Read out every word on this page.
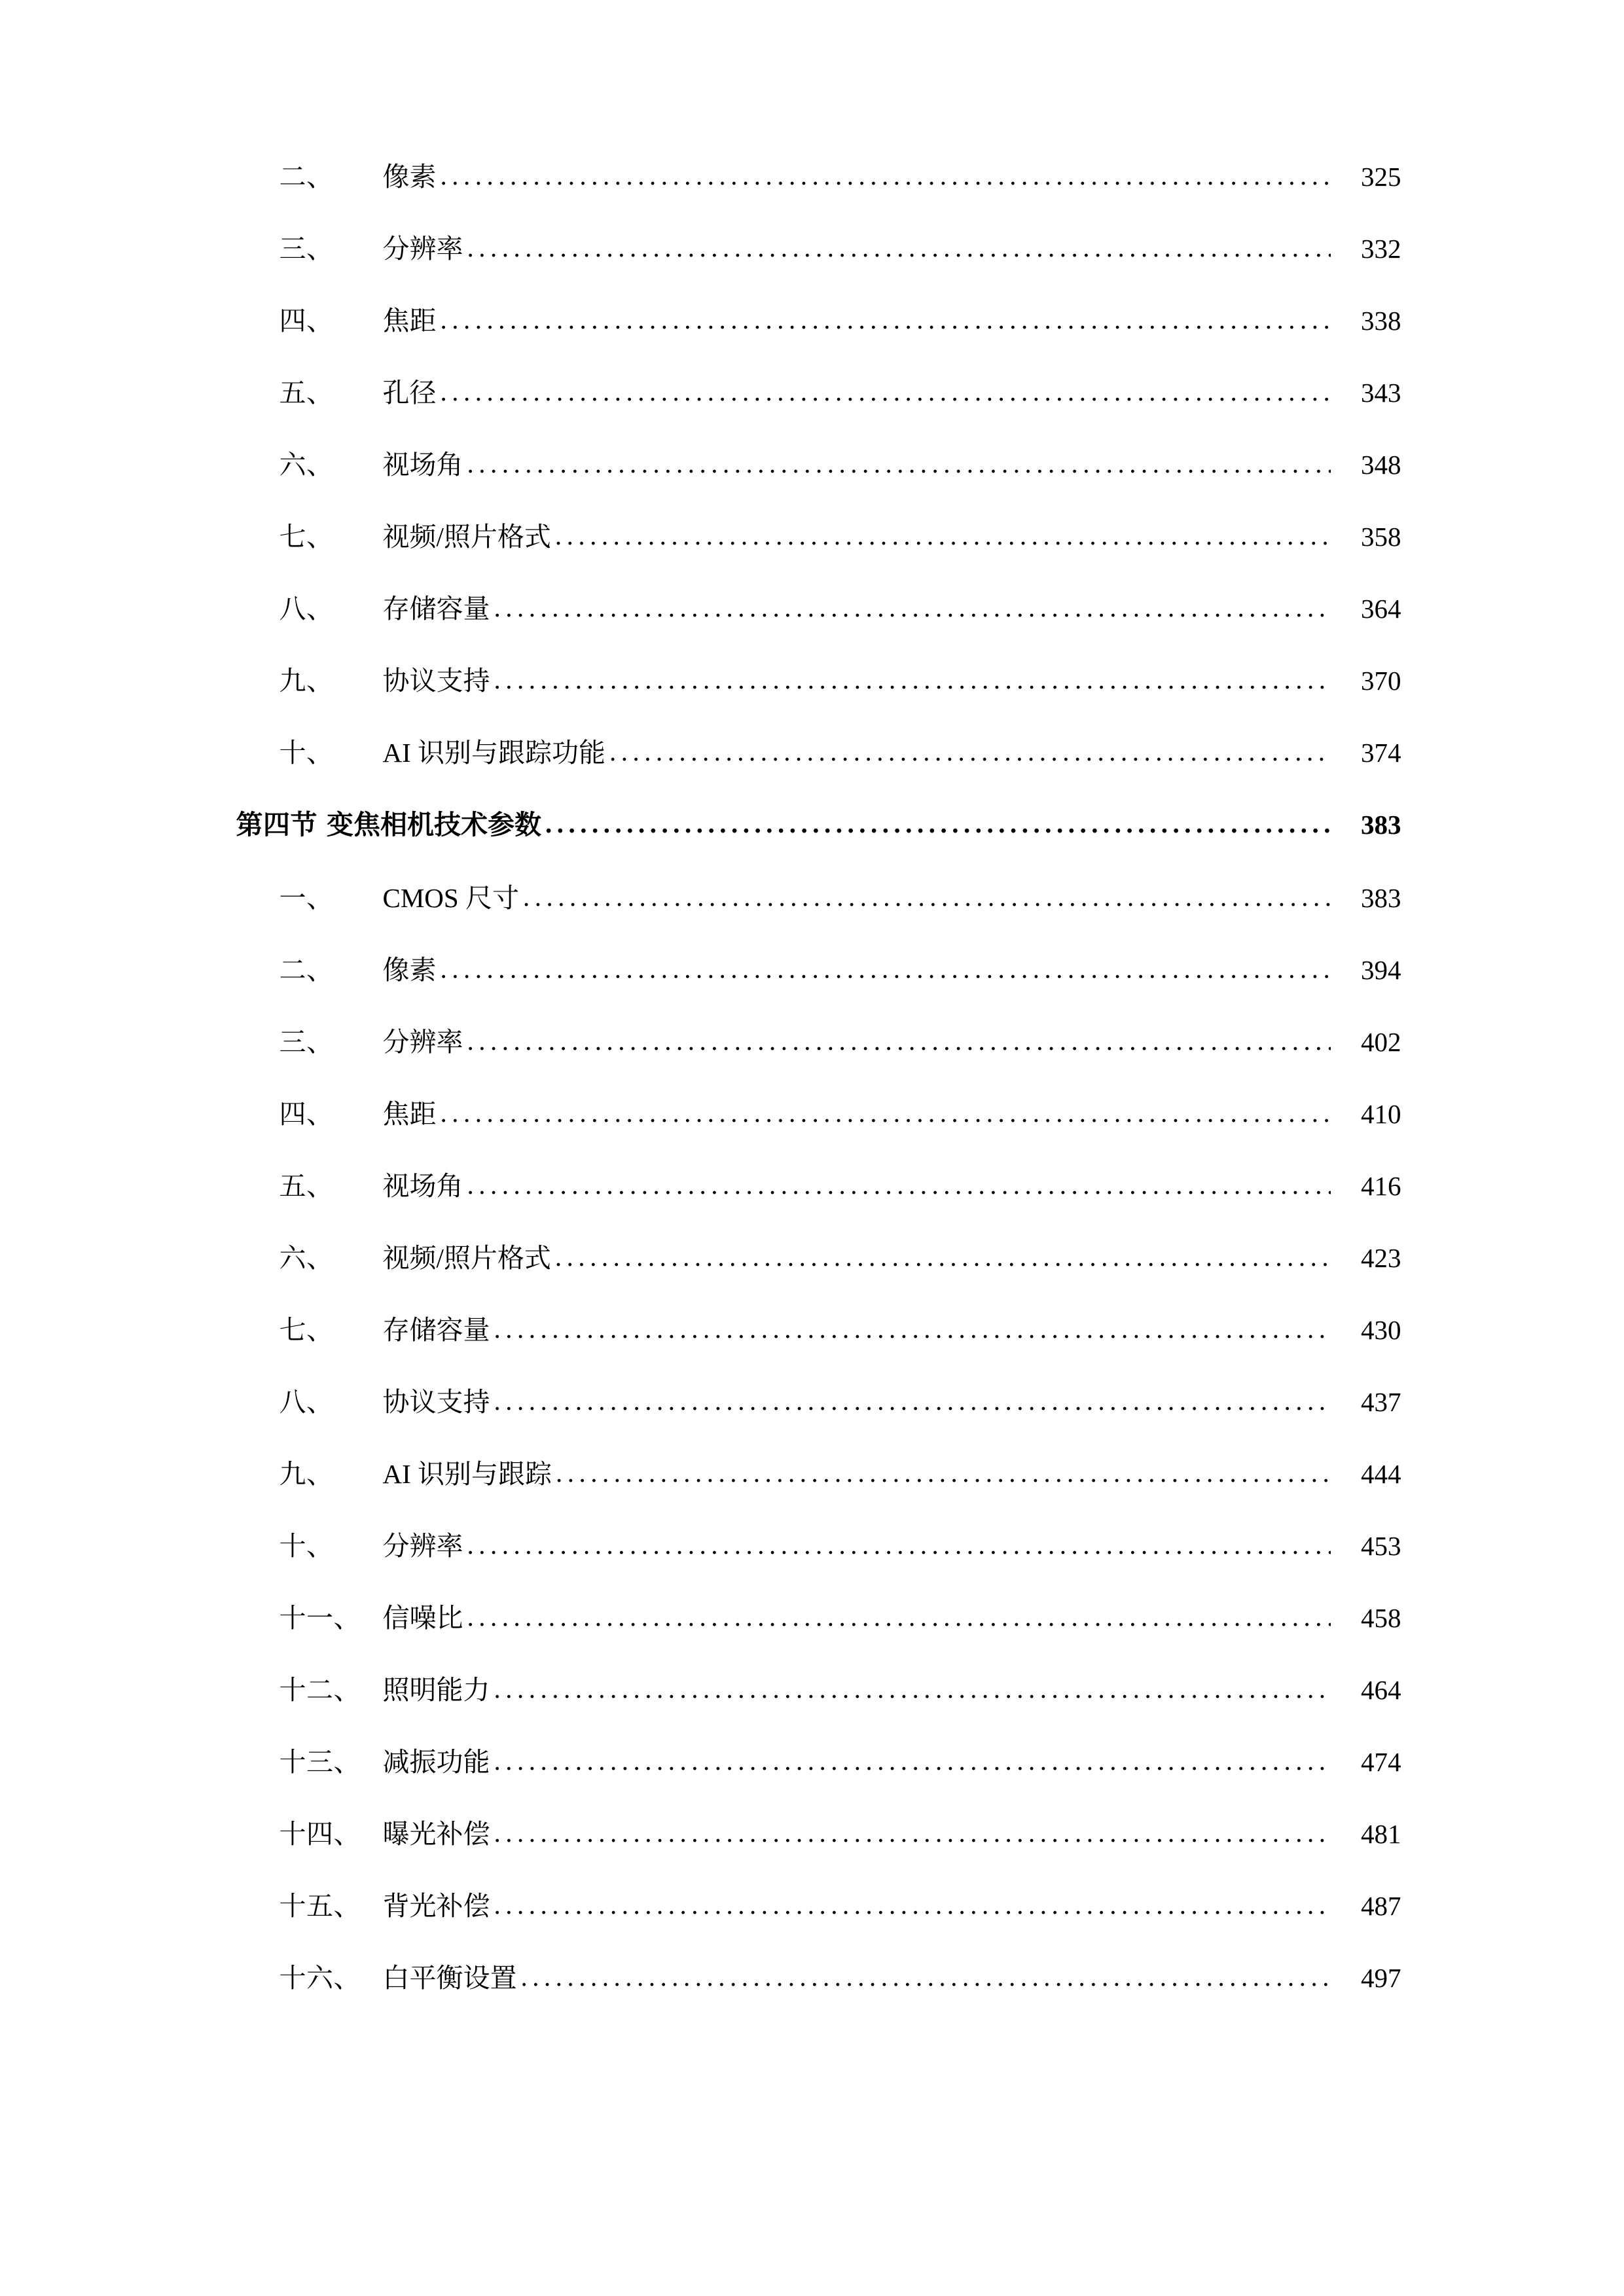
二、	像素 .....	325
三、	分辨率 .....	332
四、	焦距 .....	338
五、	孔径 .....	343
六、	视场角 .....	348
七、	视频/照片格式 .....	358
八、	存储容量 .....	364
九、	协议支持 .....	370
十、	AI 识别与跟踪功能 .....	374
第四节 变焦相机技术参数 .....	383
一、	CMOS 尺寸 .....	383
二、	像素 .....	394
三、	分辨率 .....	402
四、	焦距 .....	410
五、	视场角 .....	416
六、	视频/照片格式 .....	423
七、	存储容量 .....	430
八、	协议支持 .....	437
九、	AI 识别与跟踪 .....	444
十、	分辨率 .....	453
十一、 信噪比 .....	458
十二、 照明能力 .....	464
十三、 减振功能 .....	474
十四、 曝光补偿 .....	481
十五、 背光补偿 .....	487
十六、 白平衡设置 .....	497
